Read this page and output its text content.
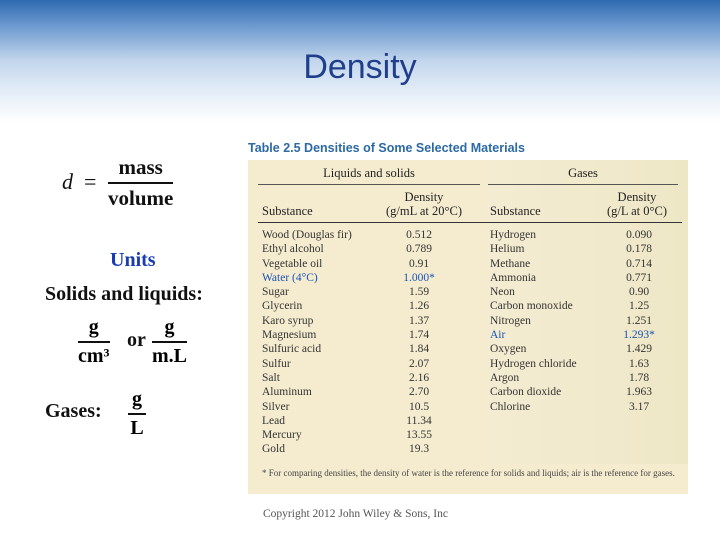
Density
d =
mass
volume
Units
Solids and liquids:
$\frac{g}{\text{cm³}}$ or $\frac{g}{m.L}$
Gases: $\frac{g}{L}$
Table 2.5 Densities of Some Selected Materials
Liquids and solids	Gases
Substance
Density
(g/mL at 20°C)	Substance
Density
(g/L at 0°C)
Wood (Douglas fir)
Ethyl alcohol
Vegetable oil
Water (4°C)
Sugar
Glycerin
Karo syrup
Magnesium
Sulfuric acid
Sulfur
Salt
Aluminum
Silver
Lead
Mercury
Gold
0.512
0.789
0.91
1.000*
1.59
1.26
1.37
1.74
1.84
2.07
2.16
2.70
10.5
11.34
13.55
19.3
Hydrogen
Helium
Methane
Ammonia
Neon
Carbon monoxide
Nitrogen
Air
Oxygen
Hydrogen chloride
Argon
Carbon dioxide
Chlorine
0.090
0.178
0.714
0.771
0.90
1.25
1.251
1.293*
1.429
1.63
1.78
1.963
3.17
* For comparing densities, the density of water is the reference for solids and liquids; air is the reference for gases.
Copyright 2012 John Wiley & Sons, Inc
